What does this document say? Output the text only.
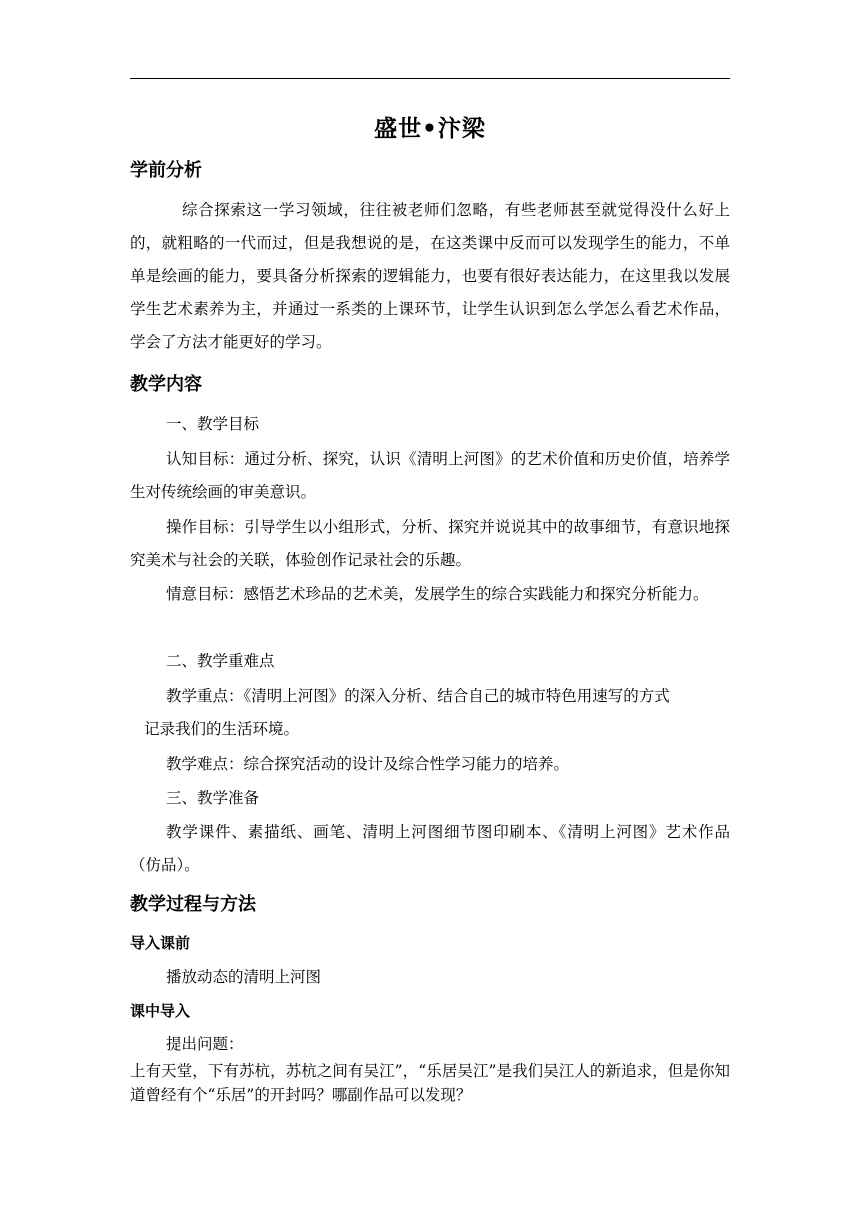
盛世•汴梁
学前分析

综合探索这一学习领域，往往被老师们忽略，有些老师甚至就觉得没什么好上的，就粗略的一代而过，但是我想说的是，在这类课中反而可以发现学生的能力，不单单是绘画的能力，要具备分析探索的逻辑能力，也要有很好表达能力，在这里我以发展学生艺术素养为主，并通过一系类的上课环节，让学生认识到怎么学怎么看艺术作品，学会了方法才能更好的学习。

教学内容
一、教学目标

认知目标：通过分析、探究，认识《清明上河图》的艺术价值和历史价值，培养学生对传统绘画的审美意识。

操作目标：引导学生以小组形式，分析、探究并说说其中的故事细节，有意识地探究美术与社会的关联，体验创作记录社会的乐趣。

情意目标：感悟艺术珍品的艺术美，发展学生的综合实践能力和探究分析能力。

二、教学重难点
教学重点：《清明上河图》的深入分析、结合自己的城市特色用速写的方式
记录我们的生活环境。
教学难点：综合探究活动的设计及综合性学习能力的培养。
三、教学准备

教学课件、素描纸、画笔、清明上河图细节图印刷本、《清明上河图》艺术作品（仿品）。

教学过程与方法
导入课前
播放动态的清明上河图
课中导入
提出问题：
上有天堂，下有苏杭，苏杭之间有吴江”，“乐居吴江”是我们吴江人的新追求，但是你知道曾经有个“乐居”的开封吗？哪副作品可以发现？
